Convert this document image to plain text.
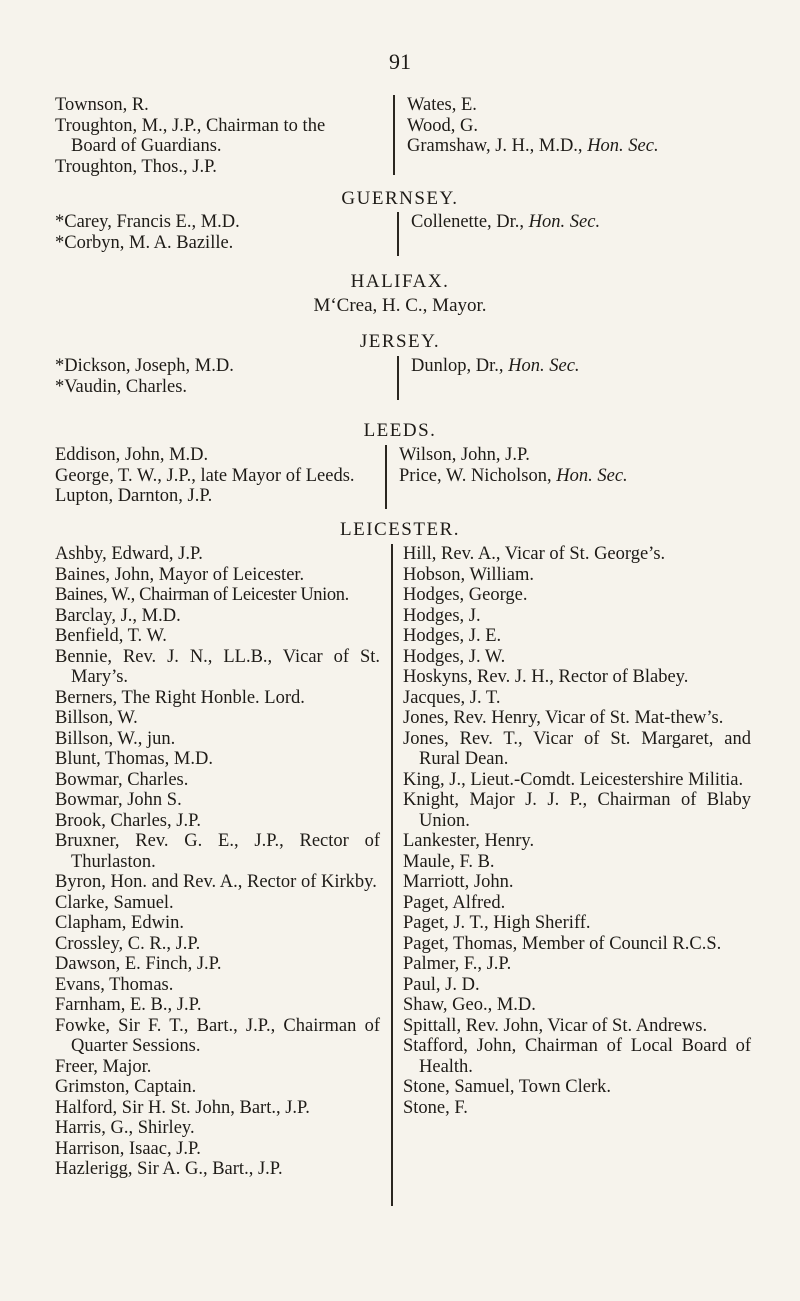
91
Townson, R.
Troughton, M., J.P., Chairman to the
Board of Guardians.
Troughton, Thos., J.P.
Wates, E.
Wood, G.
Gramshaw, J. H., M.D., Hon. Sec.
GUERNSEY.
*Carey, Francis E., M.D.
*Corbyn, M. A. Bazille.
Collenette, Dr., Hon. Sec.
HALIFAX.
M‘Crea, H. C., Mayor.
JERSEY.
*Dickson, Joseph, M.D.
*Vaudin, Charles.
Dunlop, Dr., Hon. Sec.
LEEDS.
Eddison, John, M.D.
George, T. W., J.P., late Mayor of Leeds.
Lupton, Darnton, J.P.
Wilson, John, J.P.
Price, W. Nicholson, Hon. Sec.
LEICESTER.
Ashby, Edward, J.P.
Baines, John, Mayor of Leicester.
Baines, W., Chairman of Leicester Union.
Barclay, J., M.D.
Benfield, T. W.
Bennie, Rev. J. N., LL.B., Vicar of St. Mary’s.
Berners, The Right Honble. Lord.
Billson, W.
Billson, W., jun.
Blunt, Thomas, M.D.
Bowmar, Charles.
Bowmar, John S.
Brook, Charles, J.P.
Bruxner, Rev. G. E., J.P., Rector of Thurlaston.
Byron, Hon. and Rev. A., Rector of Kirkby.
Clarke, Samuel.
Clapham, Edwin.
Crossley, C. R., J.P.
Dawson, E. Finch, J.P.
Evans, Thomas.
Farnham, E. B., J.P.
Fowke, Sir F. T., Bart., J.P., Chairman of Quarter Sessions.
Freer, Major.
Grimston, Captain.
Halford, Sir H. St. John, Bart., J.P.
Harris, G., Shirley.
Harrison, Isaac, J.P.
Hazlerigg, Sir A. G., Bart., J.P.
Hill, Rev. A., Vicar of St. George’s.
Hobson, William.
Hodges, George.
Hodges, J.
Hodges, J. E.
Hodges, J. W.
Hoskyns, Rev. J. H., Rector of Blabey.
Jacques, J. T.
Jones, Rev. Henry, Vicar of St. Mat-thew’s.
Jones, Rev. T., Vicar of St. Margaret, and Rural Dean.
King, J., Lieut.-Comdt. Leicestershire Militia.
Knight, Major J. J. P., Chairman of Blaby Union.
Lankester, Henry.
Maule, F. B.
Marriott, John.
Paget, Alfred.
Paget, J. T., High Sheriff.
Paget, Thomas, Member of Council R.C.S.
Palmer, F., J.P.
Paul, J. D.
Shaw, Geo., M.D.
Spittall, Rev. John, Vicar of St. Andrews.
Stafford, John, Chairman of Local Board of Health.
Stone, Samuel, Town Clerk.
Stone, F.
